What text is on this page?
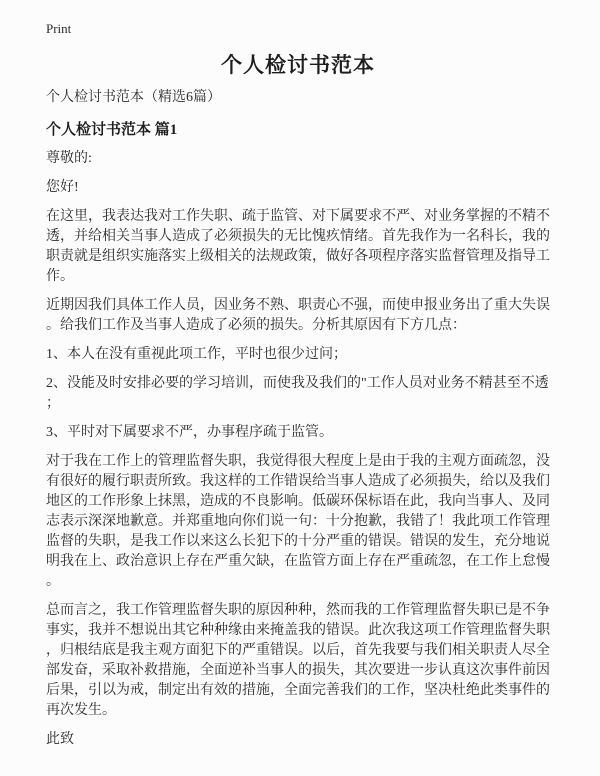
Print

个人检讨书范本

个人检讨书范本（精选6篇）

个人检讨书范本 篇1

尊敬的:

您好!

在这里，我表达我对工作失职、疏于监管、对下属要求不严、对业务掌握的不精不透，并给相关当事人造成了必须损失的无比愧疚情绪。首先我作为一名科长，我的职责就是组织实施落实上级相关的法规政策，做好各项程序落实监督管理及指导工作。

近期因我们具体工作人员，因业务不熟、职责心不强，而使申报业务出了重大失误。给我们工作及当事人造成了必须的损失。分析其原因有下方几点：

1、本人在没有重视此项工作，平时也很少过问；

2、没能及时安排必要的学习培训，而使我及我们的"工作人员对业务不精甚至不透；

3、平时对下属要求不严，办事程序疏于监管。

对于我在工作上的管理监督失职，我觉得很大程度上是由于我的主观方面疏忽，没有很好的履行职责所致。我这样的工作错误给当事人造成了必须损失，给以及我们地区的工作形象上抹黑，造成的不良影响。低碳环保标语在此，我向当事人、及同志表示深深地歉意。并郑重地向你们说一句：十分抱歉，我错了！我此项工作管理监督的失职，是我工作以来这么长犯下的十分严重的错误。错误的发生，充分地说明我在上、政治意识上存在严重欠缺，在监管方面上存在严重疏忽，在工作上怠慢。

总而言之，我工作管理监督失职的原因种种，然而我的工作管理监督失职已是不争事实，我并不想说出其它种种缘由来掩盖我的错误。此次我这项工作管理监督失职，归根结底是我主观方面犯下的严重错误。以后，首先我要与我们相关职责人尽全部发奋，采取补救措施，全面逆补当事人的损失，其次要进一步认真这次事件前因后果，引以为戒，制定出有效的措施，全面完善我们的工作，坚决杜绝此类事件的再次发生。

此致
